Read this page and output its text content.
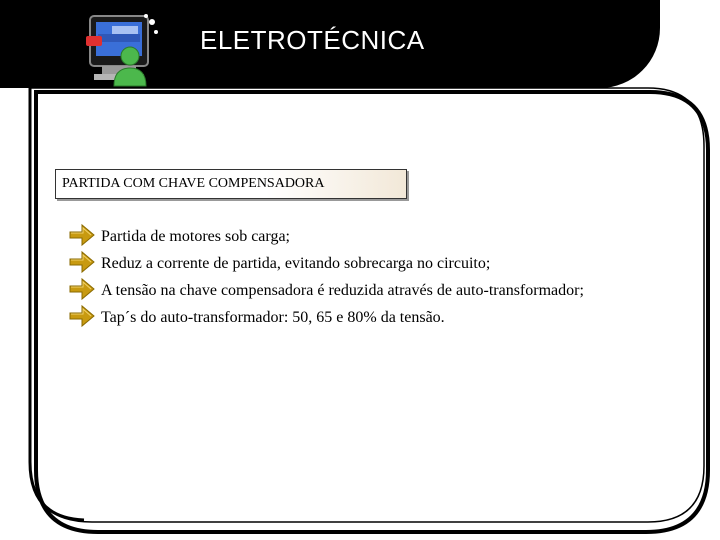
ELETROTÉCNICA
PARTIDA COM CHAVE COMPENSADORA
Partida de motores sob carga;
Reduz a corrente de partida, evitando sobrecarga no circuito;
A tensão na chave compensadora é reduzida através de auto-transformador;
Tap´s do auto-transformador: 50, 65 e 80% da tensão.
